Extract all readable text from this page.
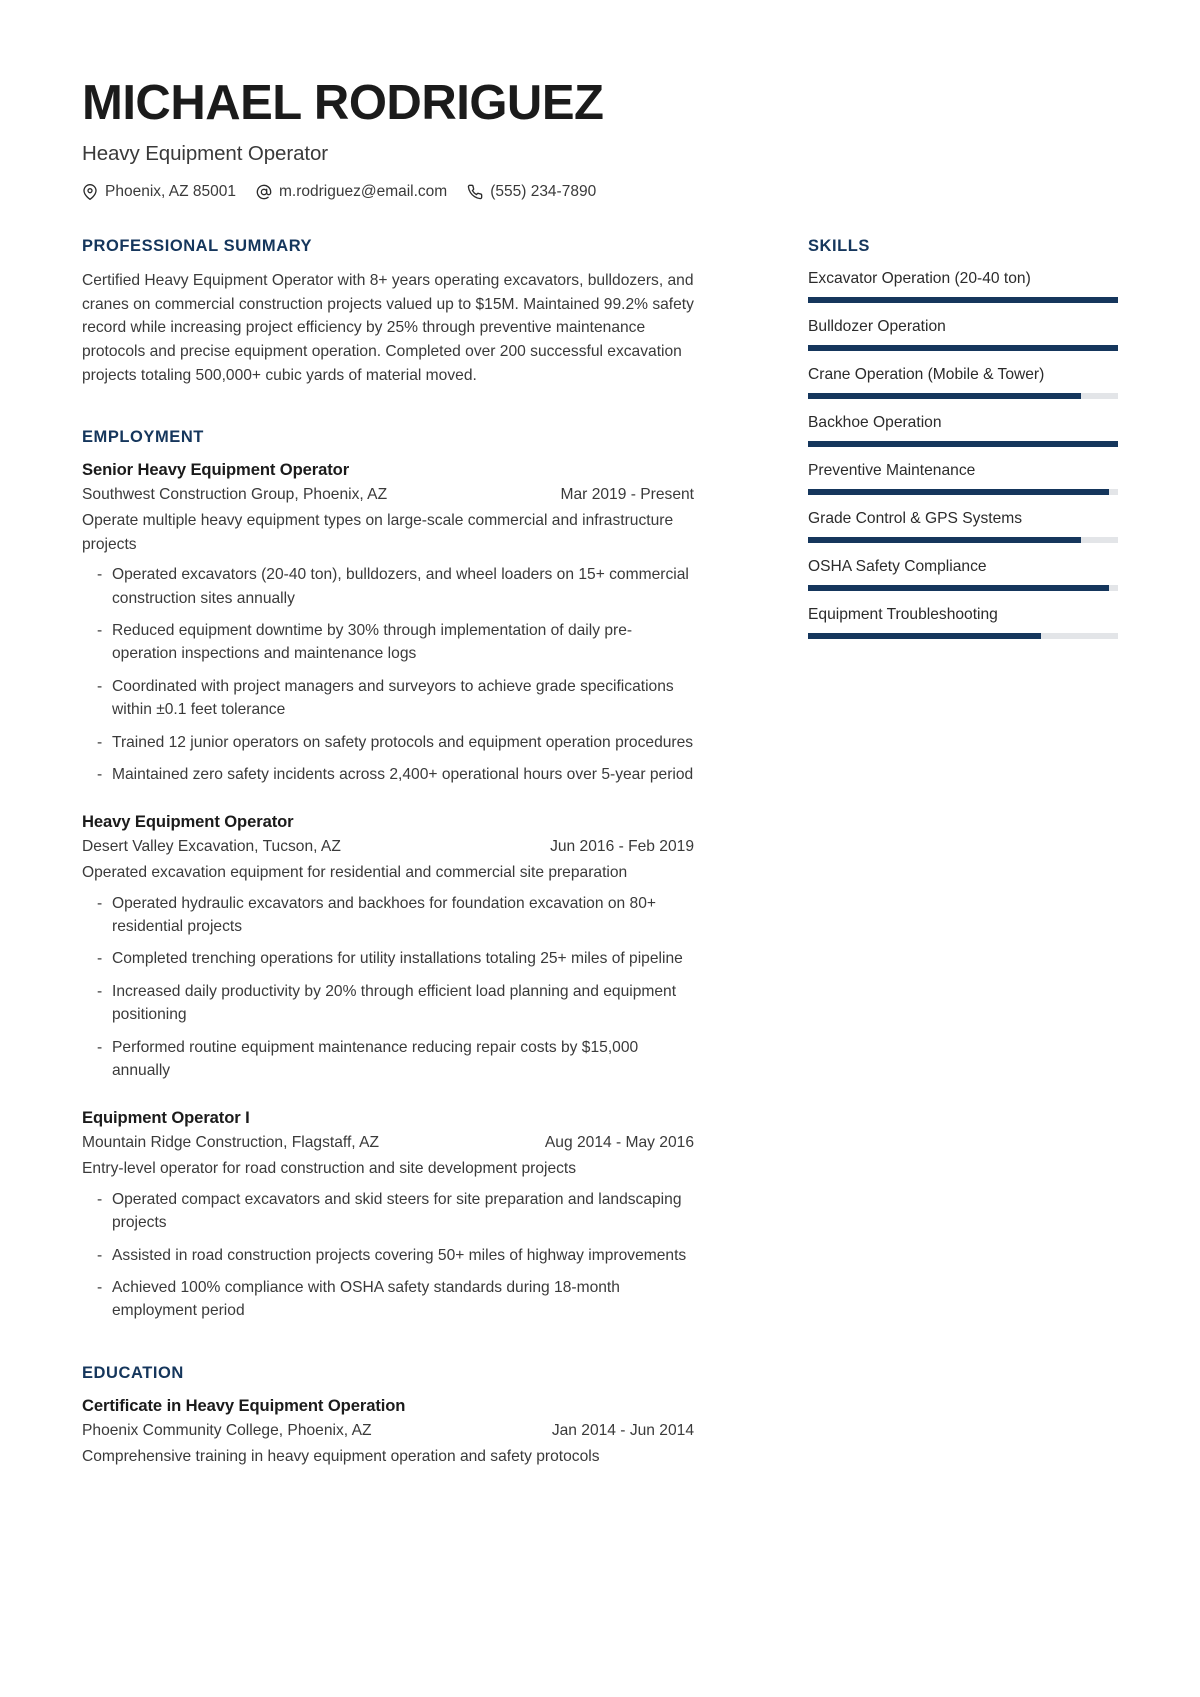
MICHAEL RODRIGUEZ
Heavy Equipment Operator
Phoenix, AZ 85001	m.rodriguez@email.com	(555) 234-7890
PROFESSIONAL SUMMARY
Certified Heavy Equipment Operator with 8+ years operating excavators, bulldozers, and cranes on commercial construction projects valued up to $15M. Maintained 99.2% safety record while increasing project efficiency by 25% through preventive maintenance protocols and precise equipment operation. Completed over 200 successful excavation projects totaling 500,000+ cubic yards of material moved.
EMPLOYMENT
Senior Heavy Equipment Operator
Southwest Construction Group, Phoenix, AZ	Mar 2019 - Present
Operate multiple heavy equipment types on large-scale commercial and infrastructure projects
- Operated excavators (20-40 ton), bulldozers, and wheel loaders on 15+ commercial construction sites annually
- Reduced equipment downtime by 30% through implementation of daily pre-operation inspections and maintenance logs
- Coordinated with project managers and surveyors to achieve grade specifications within ±0.1 feet tolerance
- Trained 12 junior operators on safety protocols and equipment operation procedures
- Maintained zero safety incidents across 2,400+ operational hours over 5-year period
Heavy Equipment Operator
Desert Valley Excavation, Tucson, AZ	Jun 2016 - Feb 2019
Operated excavation equipment for residential and commercial site preparation
- Operated hydraulic excavators and backhoes for foundation excavation on 80+ residential projects
- Completed trenching operations for utility installations totaling 25+ miles of pipeline
- Increased daily productivity by 20% through efficient load planning and equipment positioning
- Performed routine equipment maintenance reducing repair costs by $15,000 annually
Equipment Operator I
Mountain Ridge Construction, Flagstaff, AZ	Aug 2014 - May 2016
Entry-level operator for road construction and site development projects
- Operated compact excavators and skid steers for site preparation and landscaping projects
- Assisted in road construction projects covering 50+ miles of highway improvements
- Achieved 100% compliance with OSHA safety standards during 18-month employment period
EDUCATION
Certificate in Heavy Equipment Operation
Phoenix Community College, Phoenix, AZ	Jan 2014 - Jun 2014
Comprehensive training in heavy equipment operation and safety protocols
SKILLS
Excavator Operation (20-40 ton)
Bulldozer Operation
Crane Operation (Mobile & Tower)
Backhoe Operation
Preventive Maintenance
Grade Control & GPS Systems
OSHA Safety Compliance
Equipment Troubleshooting
